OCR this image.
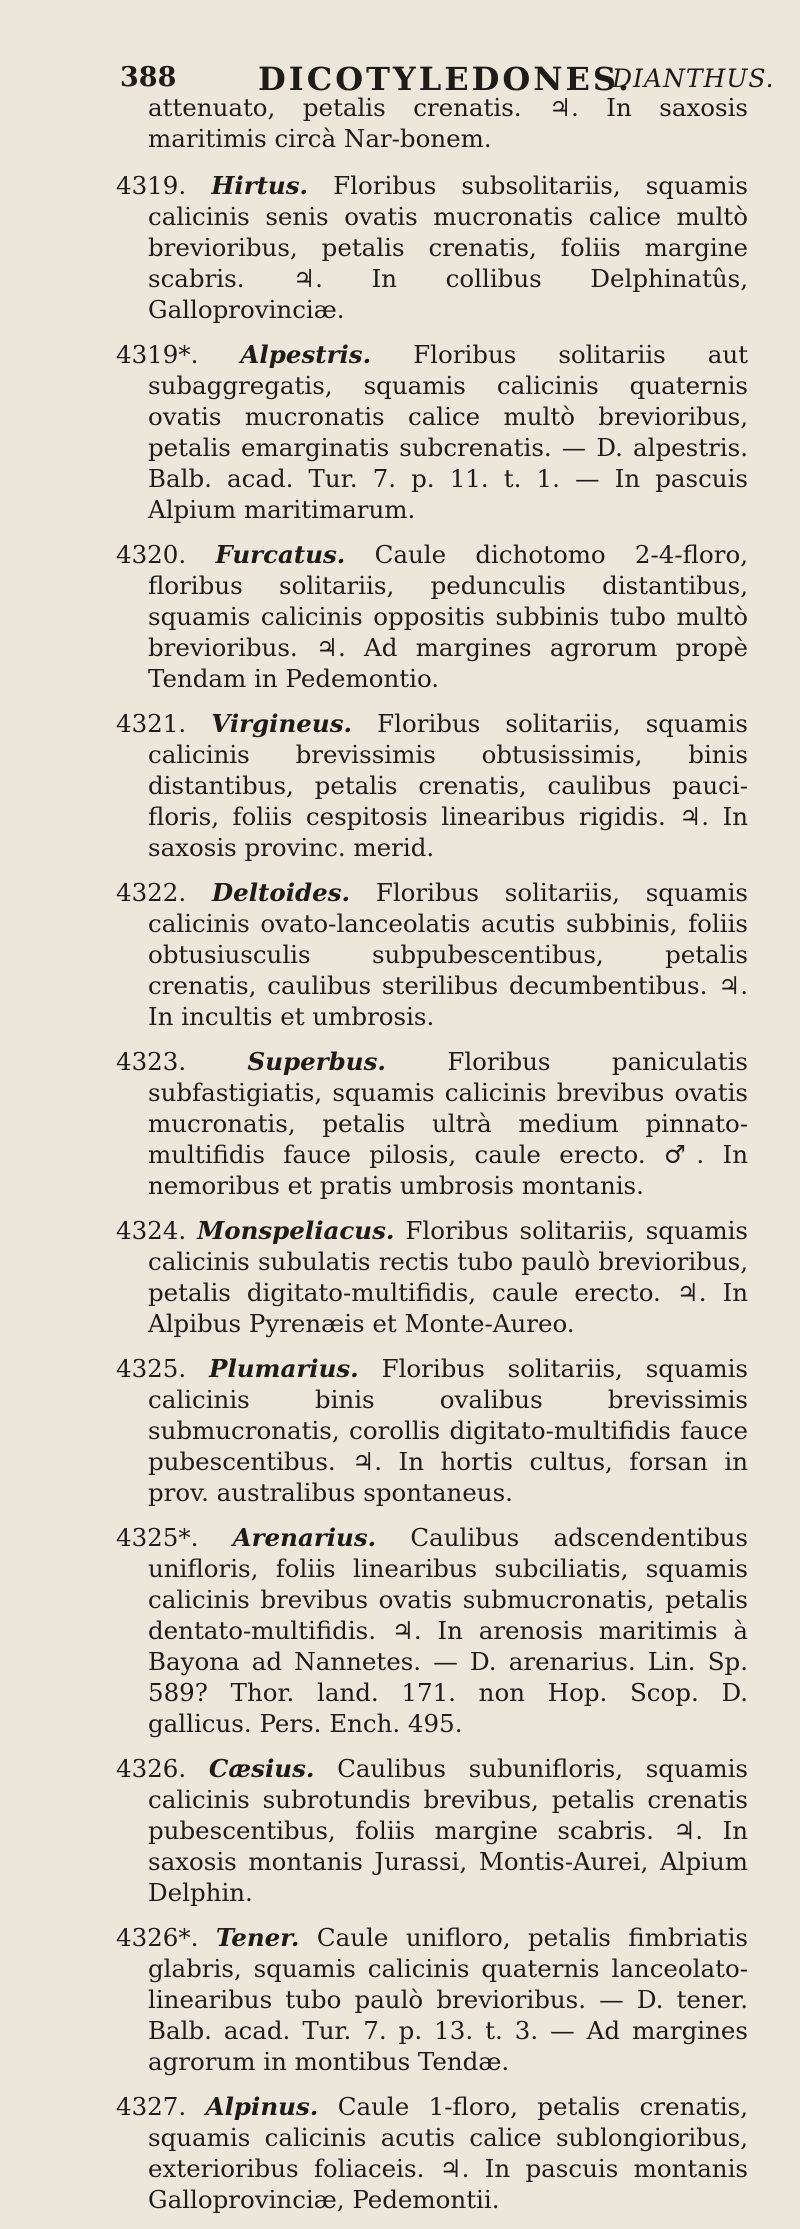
388	DICOTYLEDONES.
DIANTHUS.
attenuato, petalis crenatis. ♃. In saxosis maritimis circà Nar-bonem.

4319. Hirtus. Floribus subsolitariis, squamis calicinis senis ovatis mucronatis calice multò brevioribus, petalis crenatis, foliis margine scabris. ♃. In collibus Delphinatûs, Galloprovinciæ.

4319*. Alpestris. Floribus solitariis aut subaggregatis, squamis calicinis quaternis ovatis mucronatis calice multò brevioribus, petalis emarginatis subcrenatis. — D. alpestris. Balb. acad. Tur. 7. p. 11. t. 1. — In pascuis Alpium maritimarum.

4320. Furcatus. Caule dichotomo 2-4-floro, floribus solitariis, pedunculis distantibus, squamis calicinis oppositis subbinis tubo multò brevioribus. ♃. Ad margines agrorum propè Tendam in Pedemontio.

4321. Virgineus. Floribus solitariis, squamis calicinis brevissimis obtusissimis, binis distantibus, petalis crenatis, caulibus pauci-floris, foliis cespitosis linearibus rigidis. ♃. In saxosis provinc. merid.

4322. Deltoides. Floribus solitariis, squamis calicinis ovato-lanceolatis acutis subbinis, foliis obtusiusculis subpubescentibus, petalis crenatis, caulibus sterilibus decumbentibus. ♃. In incultis et umbrosis.

4323.	Superbus.	Floribus paniculatis subfastigiatis, squamis calicinis brevibus ovatis mucronatis, petalis ultrà medium pinnato-multifidis fauce pilosis, caule erecto. ♂. In nemoribus et pratis umbrosis montanis.

4324. Monspeliacus. Floribus solitariis, squamis calicinis subulatis rectis tubo paulò brevioribus, petalis digitato-multifidis, caule erecto. ♃. In Alpibus Pyrenæis et Monte-Aureo.

4325. Plumarius. Floribus solitariis, squamis calicinis binis ovalibus brevissimis submucronatis, corollis digitato-multifidis fauce pubescentibus. ♃. In hortis cultus, forsan in prov. australibus spontaneus.

4325*. Arenarius. Caulibus adscendentibus unifloris, foliis linearibus subciliatis, squamis calicinis brevibus ovatis submucronatis, petalis dentato-multifidis. ♃. In arenosis maritimis à Bayona ad Nannetes. — D. arenarius. Lin. Sp. 589? Thor. land. 171. non Hop. Scop. D. gallicus. Pers. Ench. 495.

4326. Cæsius. Caulibus subunifloris, squamis calicinis subrotundis brevibus, petalis crenatis pubescentibus, foliis margine scabris. ♃. In saxosis montanis Jurassi, Montis-Aurei, Alpium Delphin.

4326*. Tener. Caule unifloro, petalis fimbriatis glabris, squamis calicinis quaternis lanceolato-linearibus tubo paulò brevioribus. — D. tener. Balb. acad. Tur. 7. p. 13. t. 3. — Ad margines agrorum in montibus Tendæ.

4327. Alpinus. Caule 1-floro, petalis crenatis, squamis calicinis acutis calice sublongioribus, exterioribus foliaceis. ♃. In pascuis montanis Galloprovinciæ, Pedemontii.
